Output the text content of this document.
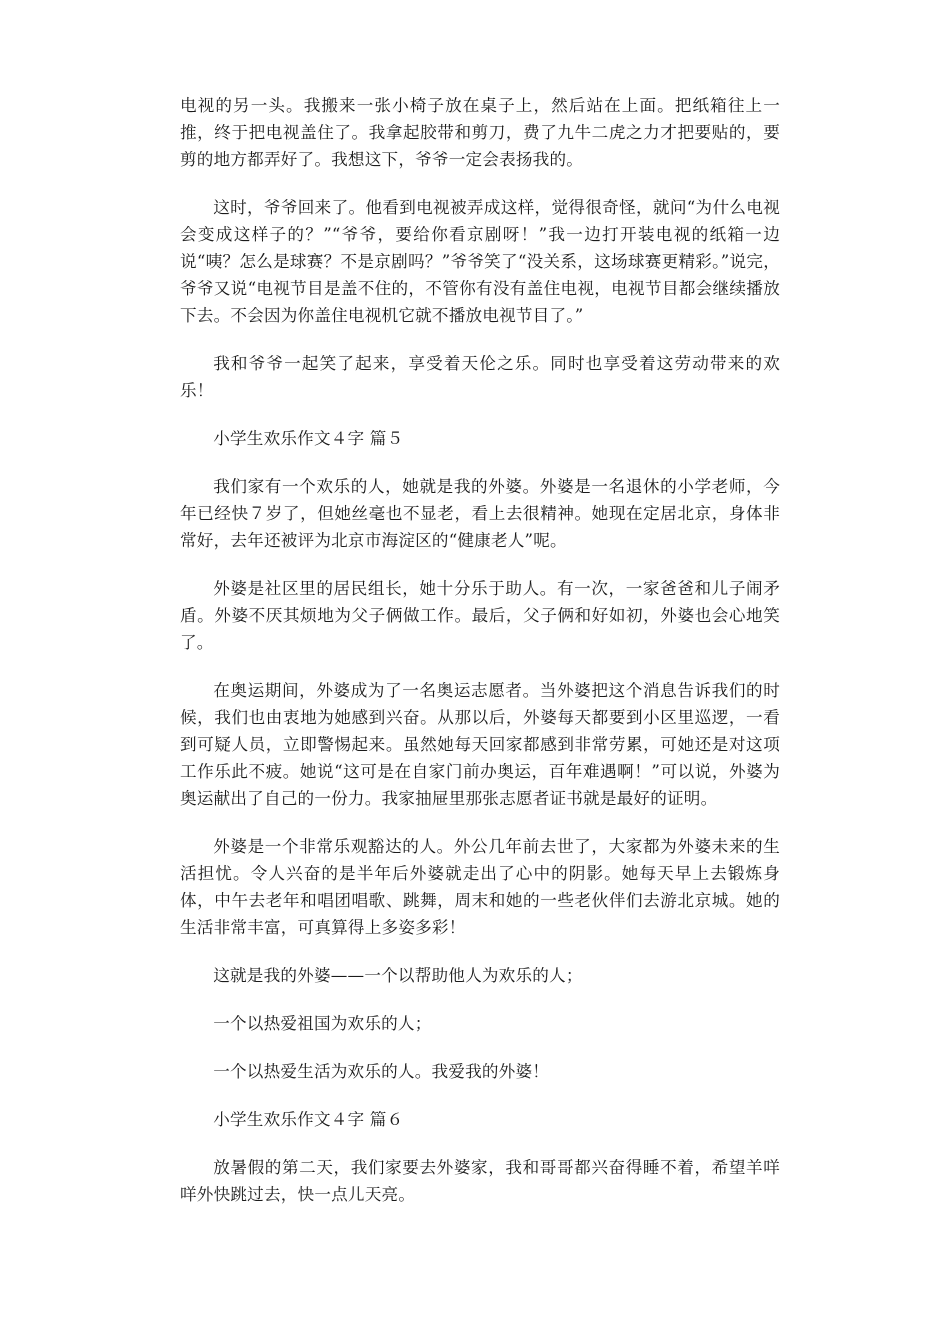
电视的另一头。我搬来一张小椅子放在桌子上，然后站在上面。把纸箱往上一推，终于把电视盖住了。我拿起胶带和剪刀，费了九牛二虎之力才把要贴的，要剪的地方都弄好了。我想这下，爷爷一定会表扬我的。

这时，爷爷回来了。他看到电视被弄成这样，觉得很奇怪，就问“为什么电视会变成这样子的？”“爷爷，要给你看京剧呀！”我一边打开装电视的纸箱一边说“咦？怎么是球赛？不是京剧吗？”爷爷笑了“没关系，这场球赛更精彩。”说完，爷爷又说“电视节目是盖不住的，不管你有没有盖住电视，电视节目都会继续播放下去。不会因为你盖住电视机它就不播放电视节目了。”

我和爷爷一起笑了起来，享受着天伦之乐。同时也享受着这劳动带来的欢乐！

小学生欢乐作文４字 篇５

我们家有一个欢乐的人，她就是我的外婆。外婆是一名退休的小学老师，今年已经快７岁了，但她丝毫也不显老，看上去很精神。她现在定居北京，身体非常好，去年还被评为北京市海淀区的“健康老人”呢。

外婆是社区里的居民组长，她十分乐于助人。有一次，一家爸爸和儿子闹矛盾。外婆不厌其烦地为父子俩做工作。最后，父子俩和好如初，外婆也会心地笑了。

在奥运期间，外婆成为了一名奥运志愿者。当外婆把这个消息告诉我们的时候，我们也由衷地为她感到兴奋。从那以后，外婆每天都要到小区里巡逻，一看到可疑人员，立即警惕起来。虽然她每天回家都感到非常劳累，可她还是对这项工作乐此不疲。她说“这可是在自家门前办奥运，百年难遇啊！”可以说，外婆为奥运献出了自己的一份力。我家抽屉里那张志愿者证书就是最好的证明。

外婆是一个非常乐观豁达的人。外公几年前去世了，大家都为外婆未来的生活担忧。令人兴奋的是半年后外婆就走出了心中的阴影。她每天早上去锻炼身体，中午去老年和唱团唱歌、跳舞，周末和她的一些老伙伴们去游北京城。她的生活非常丰富，可真算得上多姿多彩！

这就是我的外婆——一个以帮助他人为欢乐的人；

一个以热爱祖国为欢乐的人；

一个以热爱生活为欢乐的人。我爱我的外婆！

小学生欢乐作文４字 篇６

放暑假的第二天，我们家要去外婆家，我和哥哥都兴奋得睡不着，希望羊咩咩外快跳过去，快一点儿天亮。
